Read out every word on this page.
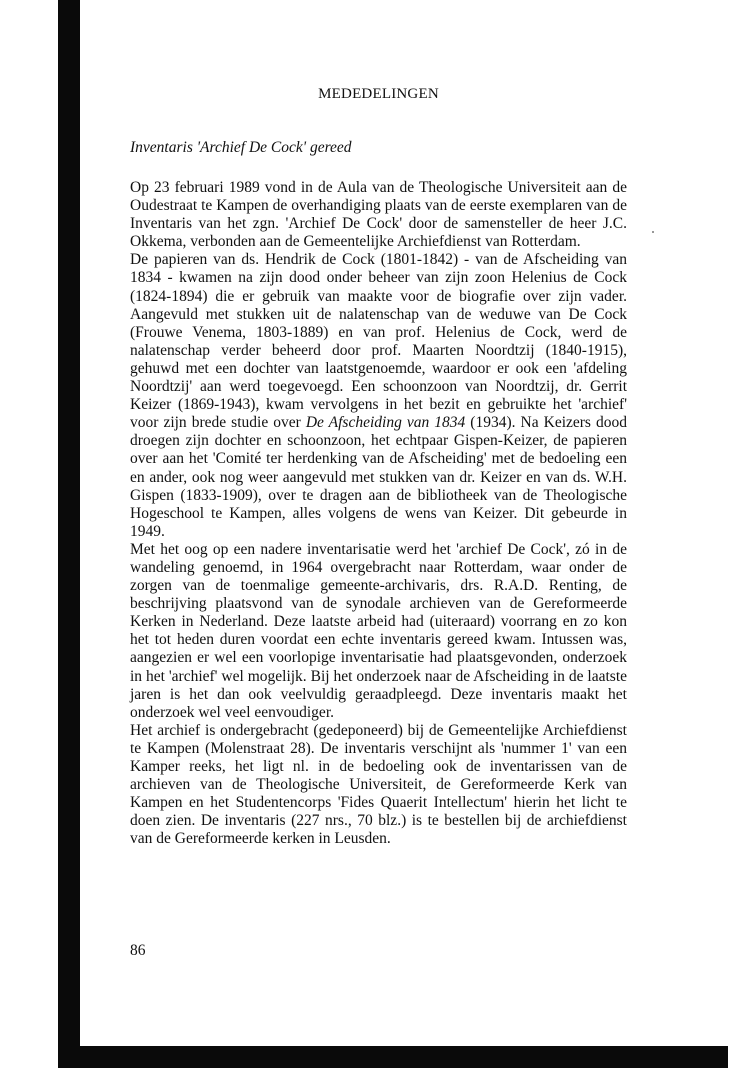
MEDEDELINGEN
Inventaris 'Archief De Cock' gereed

Op 23 februari 1989 vond in de Aula van de Theologische Universiteit aan de Oudestraat te Kampen de overhandiging plaats van de eerste exemplaren van de Inventaris van het zgn. 'Archief De Cock' door de samensteller de heer J.C. Okkema, verbonden aan de Gemeentelijke Archiefdienst van Rotterdam.

De papieren van ds. Hendrik de Cock (1801-1842) - van de Afscheiding van 1834 - kwamen na zijn dood onder beheer van zijn zoon Helenius de Cock (1824-1894) die er gebruik van maakte voor de biografie over zijn vader. Aangevuld met stukken uit de nalatenschap van de weduwe van De Cock (Frouwe Venema, 1803-1889) en van prof. Helenius de Cock, werd de nalatenschap verder beheerd door prof. Maarten Noordtzij (1840-1915), gehuwd met een dochter van laatstgenoemde, waardoor er ook een 'afdeling Noordtzij' aan werd toegevoegd. Een schoonzoon van Noordtzij, dr. Gerrit Keizer (1869-1943), kwam vervolgens in het bezit en gebruikte het 'archief' voor zijn brede studie over De Afscheiding van 1834 (1934). Na Keizers dood droegen zijn dochter en schoonzoon, het echtpaar Gispen-Keizer, de papieren over aan het 'Comité ter herdenking van de Afscheiding' met de bedoeling een en ander, ook nog weer aangevuld met stukken van dr. Keizer en van ds. W.H. Gispen (1833-1909), over te dragen aan de bibliotheek van de Theologische Hogeschool te Kampen, alles volgens de wens van Keizer. Dit gebeurde in 1949.

Met het oog op een nadere inventarisatie werd het 'archief De Cock', zó in de wandeling genoemd, in 1964 overgebracht naar Rotterdam, waar onder de zorgen van de toenmalige gemeente-archivaris, drs. R.A.D. Renting, de beschrijving plaatsvond van de synodale archieven van de Gereformeerde Kerken in Nederland. Deze laatste arbeid had (uiteraard) voorrang en zo kon het tot heden duren voordat een echte inventaris gereed kwam. Intussen was, aangezien er wel een voorlopige inventarisatie had plaatsgevonden, onderzoek in het 'archief' wel mogelijk. Bij het onderzoek naar de Afscheiding in de laatste jaren is het dan ook veelvuldig geraadpleegd. Deze inventaris maakt het onderzoek wel veel eenvoudiger.

Het archief is ondergebracht (gedeponeerd) bij de Gemeentelijke Archiefdienst te Kampen (Molenstraat 28). De inventaris verschijnt als 'nummer 1' van een Kamper reeks, het ligt nl. in de bedoeling ook de inventarissen van de archieven van de Theologische Universiteit, de Gereformeerde Kerk van Kampen en het Studentencorps 'Fides Quaerit Intellectum' hierin het licht te doen zien. De inventaris (227 nrs., 70 blz.) is te bestellen bij de archiefdienst van de Gereformeerde kerken in Leusden.

86
